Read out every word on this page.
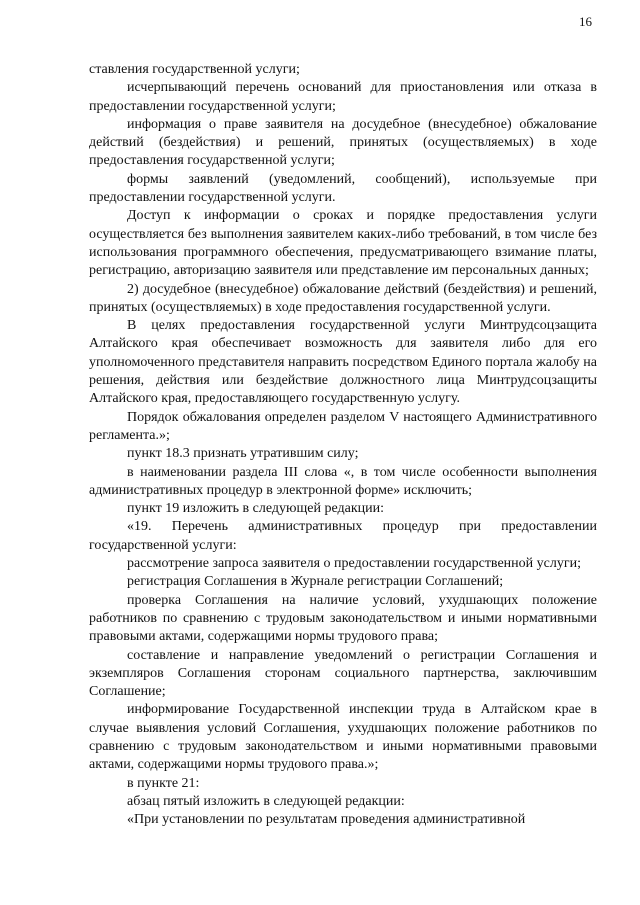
16

ставления государственной услуги;

исчерпывающий перечень оснований для приостановления или отказа в предоставлении государственной услуги;

информация о праве заявителя на досудебное (внесудебное) обжалование действий (бездействия) и решений, принятых (осуществляемых) в ходе предоставления государственной услуги;

формы заявлений (уведомлений, сообщений), используемые при предоставлении государственной услуги.

Доступ к информации о сроках и порядке предоставления услуги осуществляется без выполнения заявителем каких-либо требований, в том числе без использования программного обеспечения, предусматривающего взимание платы, регистрацию, авторизацию заявителя или представление им персональных данных;

2) досудебное (внесудебное) обжалование действий (бездействия) и решений, принятых (осуществляемых) в ходе предоставления государственной услуги.

В целях предоставления государственной услуги Минтрудсоцзащита Алтайского края обеспечивает возможность для заявителя либо для его уполномоченного представителя направить посредством Единого портала жалобу на решения, действия или бездействие должностного лица Минтрудсоцзащиты Алтайского края, предоставляющего государственную услугу.

Порядок обжалования определен разделом V настоящего Административного регламента.»;

пункт 18.3 признать утратившим силу;

в наименовании раздела III слова «, в том числе особенности выполнения административных процедур в электронной форме» исключить;

пункт 19 изложить в следующей редакции:

«19. Перечень административных процедур при предоставлении государственной услуги:

рассмотрение запроса заявителя о предоставлении государственной услуги;

регистрация Соглашения в Журнале регистрации Соглашений;

проверка Соглашения на наличие условий, ухудшающих положение работников по сравнению с трудовым законодательством и иными нормативными правовыми актами, содержащими нормы трудового права;

составление и направление уведомлений о регистрации Соглашения и экземпляров Соглашения сторонам социального партнерства, заключившим Соглашение;

информирование Государственной инспекции труда в Алтайском крае в случае выявления условий Соглашения, ухудшающих положение работников по сравнению с трудовым законодательством и иными нормативными правовыми актами, содержащими нормы трудового права.»;

в пункте 21:

абзац пятый изложить в следующей редакции:

«При установлении по результатам проведения административной
